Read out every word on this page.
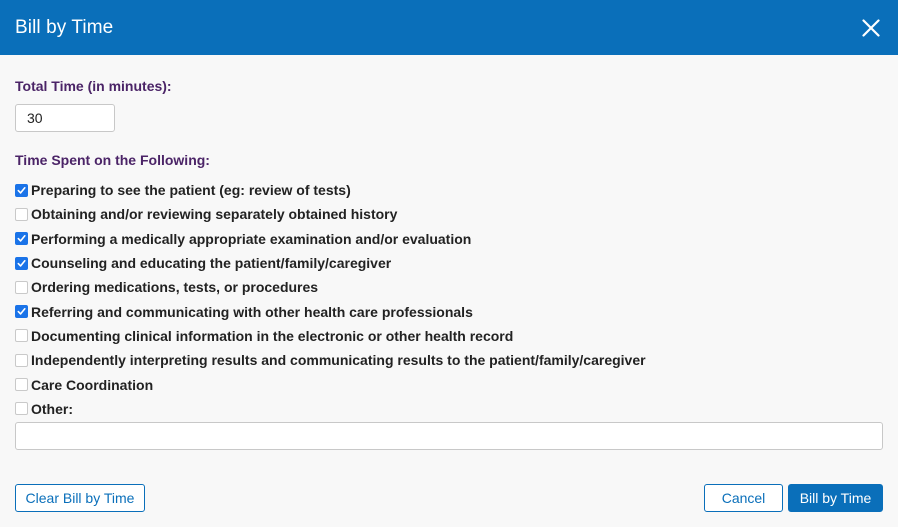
Bill by Time
Total Time (in minutes):
30
Time Spent on the Following:
Preparing to see the patient (eg: review of tests)
Obtaining and/or reviewing separately obtained history
Performing a medically appropriate examination and/or evaluation
Counseling and educating the patient/family/caregiver
Ordering medications, tests, or procedures
Referring and communicating with other health care professionals
Documenting clinical information in the electronic or other health record
Independently interpreting results and communicating results to the patient/family/caregiver
Care Coordination
Other:
Clear Bill by Time	Cancel	Bill by Time
